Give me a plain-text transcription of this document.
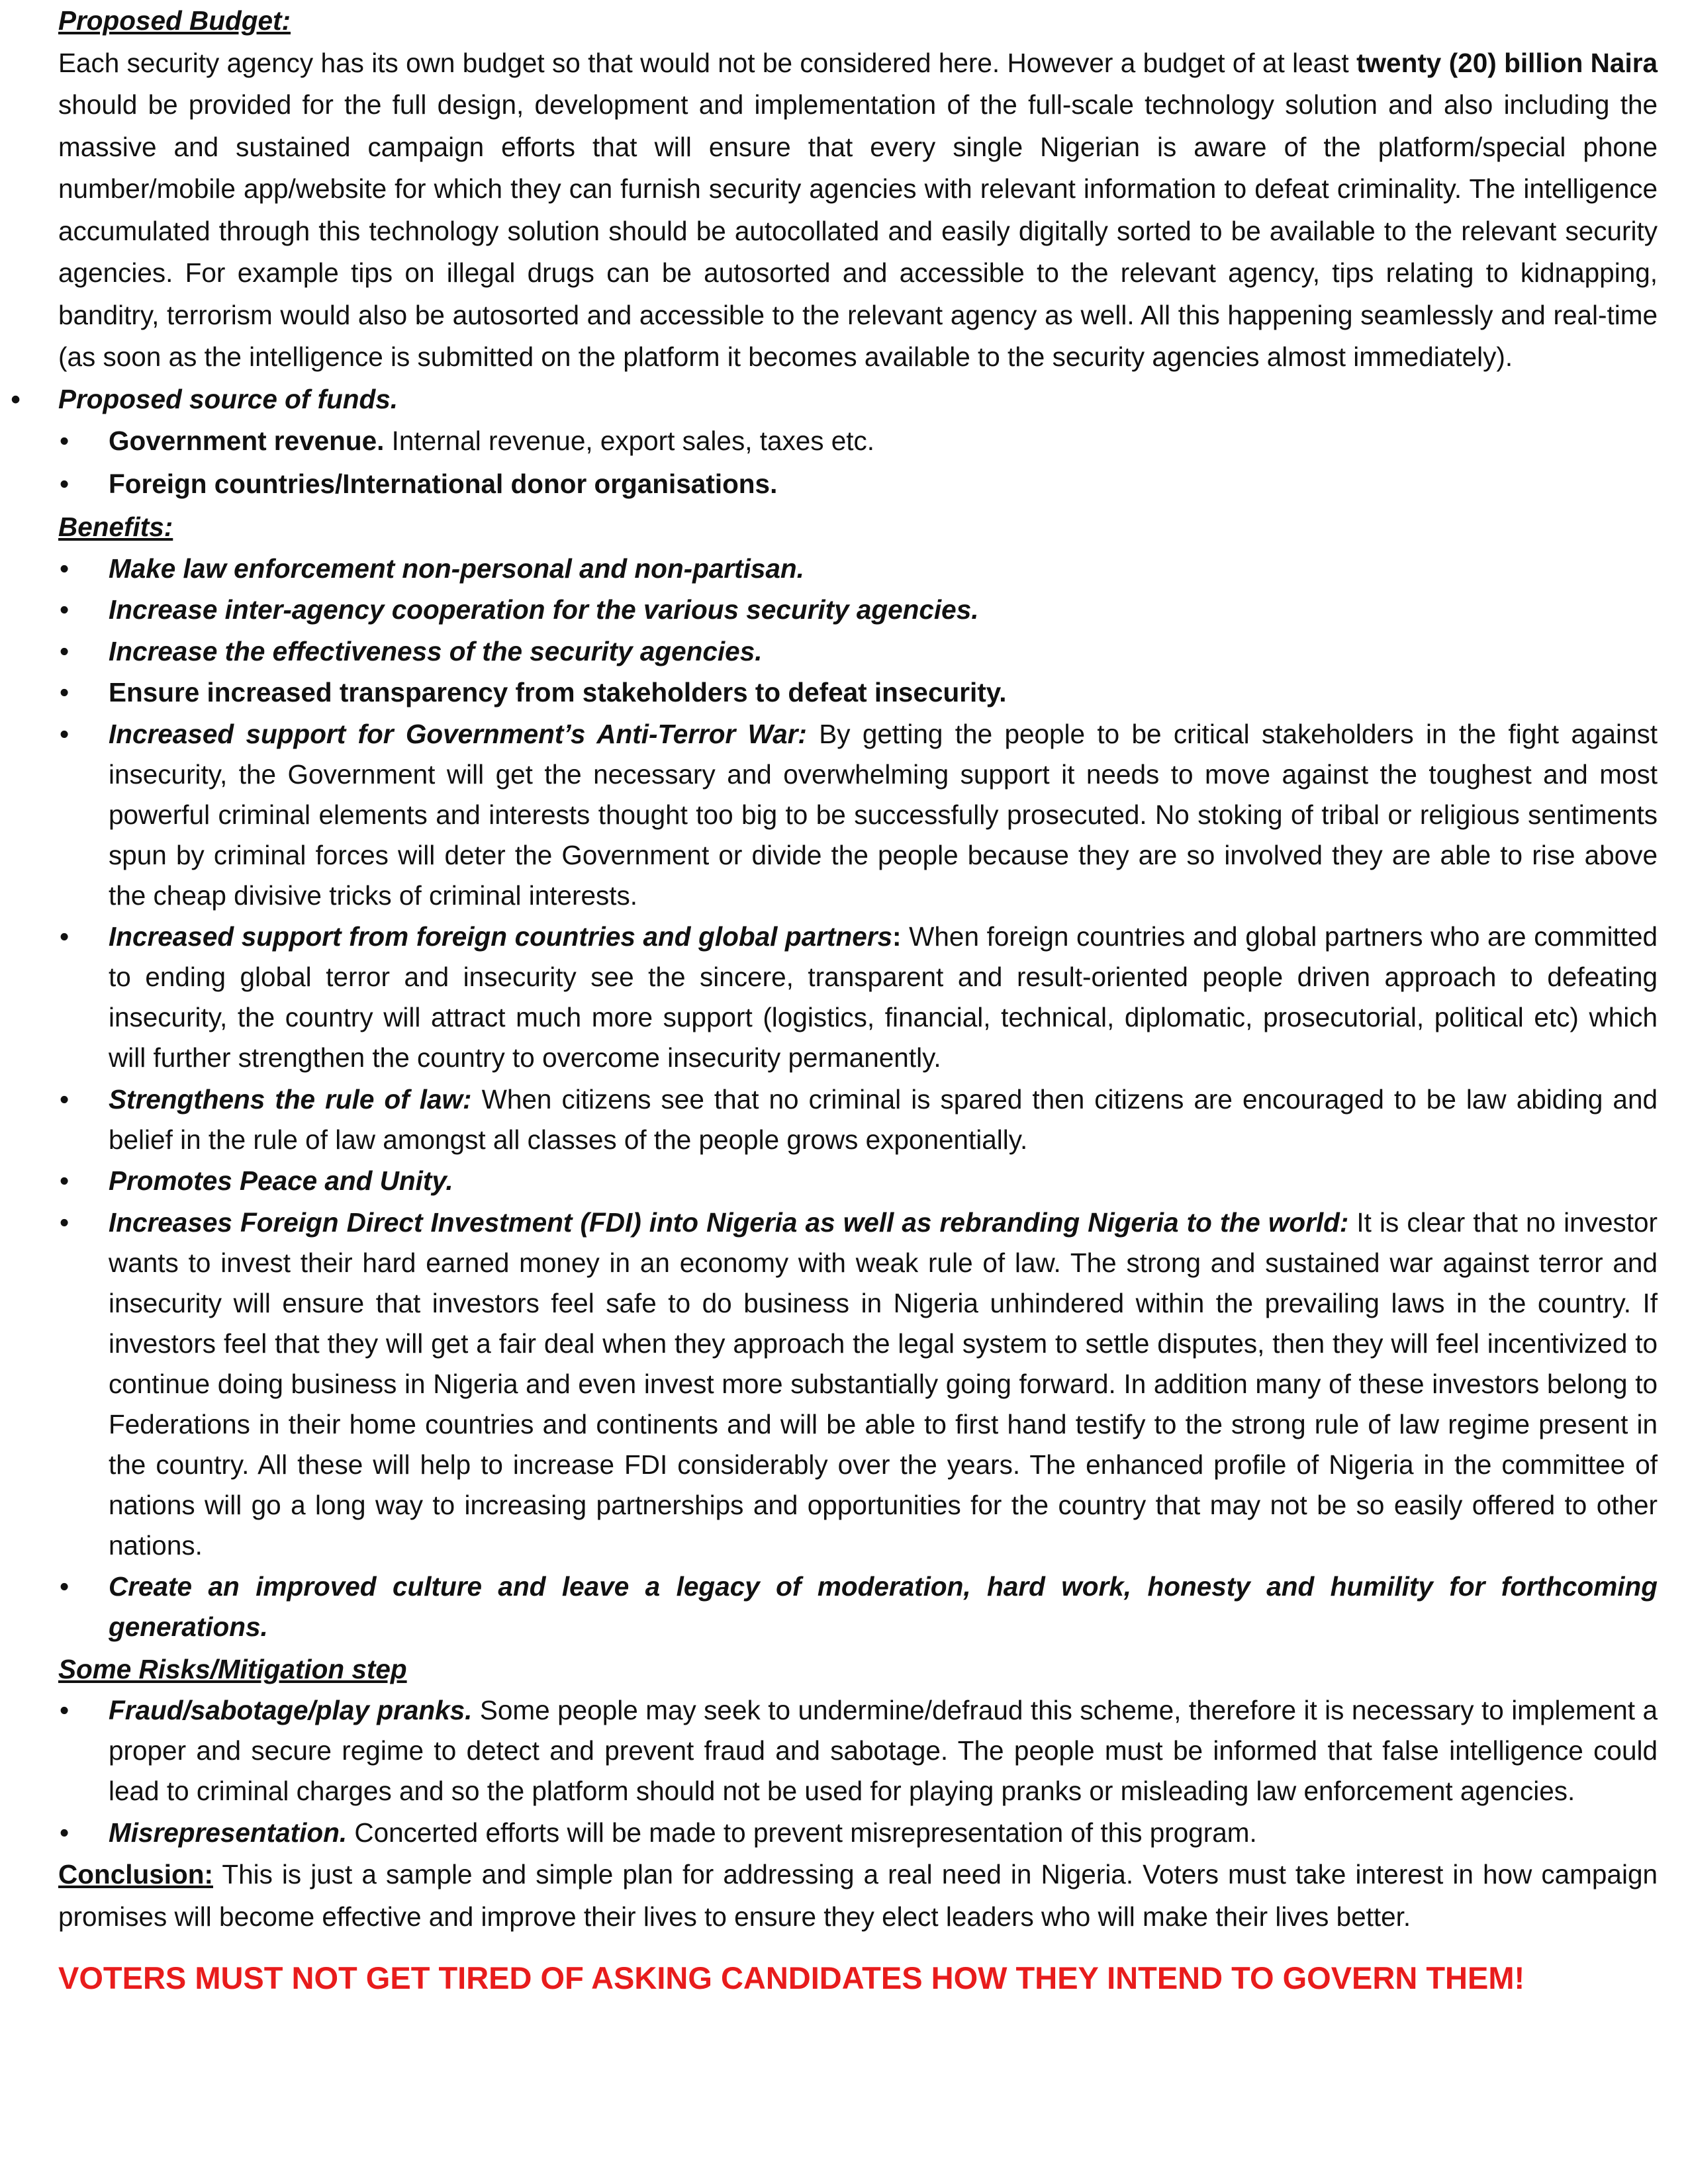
Proposed Budget:

Each security agency has its own budget so that would not be considered here. However a budget of at least twenty (20) billion Naira should be provided for the full design, development and implementation of the full-scale technology solution and also including the massive and sustained campaign efforts that will ensure that every single Nigerian is aware of the platform/special phone number/mobile app/website for which they can furnish security agencies with relevant information to defeat criminality. The intelligence accumulated through this technology solution should be autocollated and easily digitally sorted to be available to the relevant security agencies. For example tips on illegal drugs can be autosorted and accessible to the relevant agency, tips relating to kidnapping, banditry, terrorism would also be autosorted and accessible to the relevant agency as well. All this happening seamlessly and real-time (as soon as the intelligence is submitted on the platform it becomes available to the security agencies almost immediately).

• Proposed source of funds.

• Government revenue. Internal revenue, export sales, taxes etc.
• Foreign countries/International donor organisations.

Benefits:

• Make law enforcement non-personal and non-partisan.
• Increase inter-agency cooperation for the various security agencies.
• Increase the effectiveness of the security agencies.
• Ensure increased transparency from stakeholders to defeat insecurity.
• Increased support for Government’s Anti-Terror War: By getting the people to be critical stakeholders in the fight against insecurity, the Government will get the necessary and overwhelming support it needs to move against the toughest and most powerful criminal elements and interests thought too big to be successfully prosecuted. No stoking of tribal or religious sentiments spun by criminal forces will deter the Government or divide the people because they are so involved they are able to rise above the cheap divisive tricks of criminal interests.
• Increased support from foreign countries and global partners: When foreign countries and global partners who are committed to ending global terror and insecurity see the sincere, transparent and result-oriented people driven approach to defeating insecurity, the country will attract much more support (logistics, financial, technical, diplomatic, prosecutorial, political etc) which will further strengthen the country to overcome insecurity permanently.
• Strengthens the rule of law: When citizens see that no criminal is spared then citizens are encouraged to be law abiding and belief in the rule of law amongst all classes of the people grows exponentially.
• Promotes Peace and Unity.
• Increases Foreign Direct Investment (FDI) into Nigeria as well as rebranding Nigeria to the world: It is clear that no investor wants to invest their hard earned money in an economy with weak rule of law. The strong and sustained war against terror and insecurity will ensure that investors feel safe to do business in Nigeria unhindered within the prevailing laws in the country. If investors feel that they will get a fair deal when they approach the legal system to settle disputes, then they will feel incentivized to continue doing business in Nigeria and even invest more substantially going forward. In addition many of these investors belong to Federations in their home countries and continents and will be able to first hand testify to the strong rule of law regime present in the country. All these will help to increase FDI considerably over the years. The enhanced profile of Nigeria in the committee of nations will go a long way to increasing partnerships and opportunities for the country that may not be so easily offered to other nations.
• Create an improved culture and leave a legacy of moderation, hard work, honesty and humility for forthcoming generations.

Some Risks/Mitigation step

• Fraud/sabotage/play pranks. Some people may seek to undermine/defraud this scheme, therefore it is necessary to implement a proper and secure regime to detect and prevent fraud and sabotage. The people must be informed that false intelligence could lead to criminal charges and so the platform should not be used for playing pranks or misleading law enforcement agencies.
• Misrepresentation. Concerted efforts will be made to prevent misrepresentation of this program.

Conclusion: This is just a sample and simple plan for addressing a real need in Nigeria. Voters must take interest in how campaign promises will become effective and improve their lives to ensure they elect leaders who will make their lives better.

VOTERS MUST NOT GET TIRED OF ASKING CANDIDATES HOW THEY INTEND TO GOVERN THEM!
